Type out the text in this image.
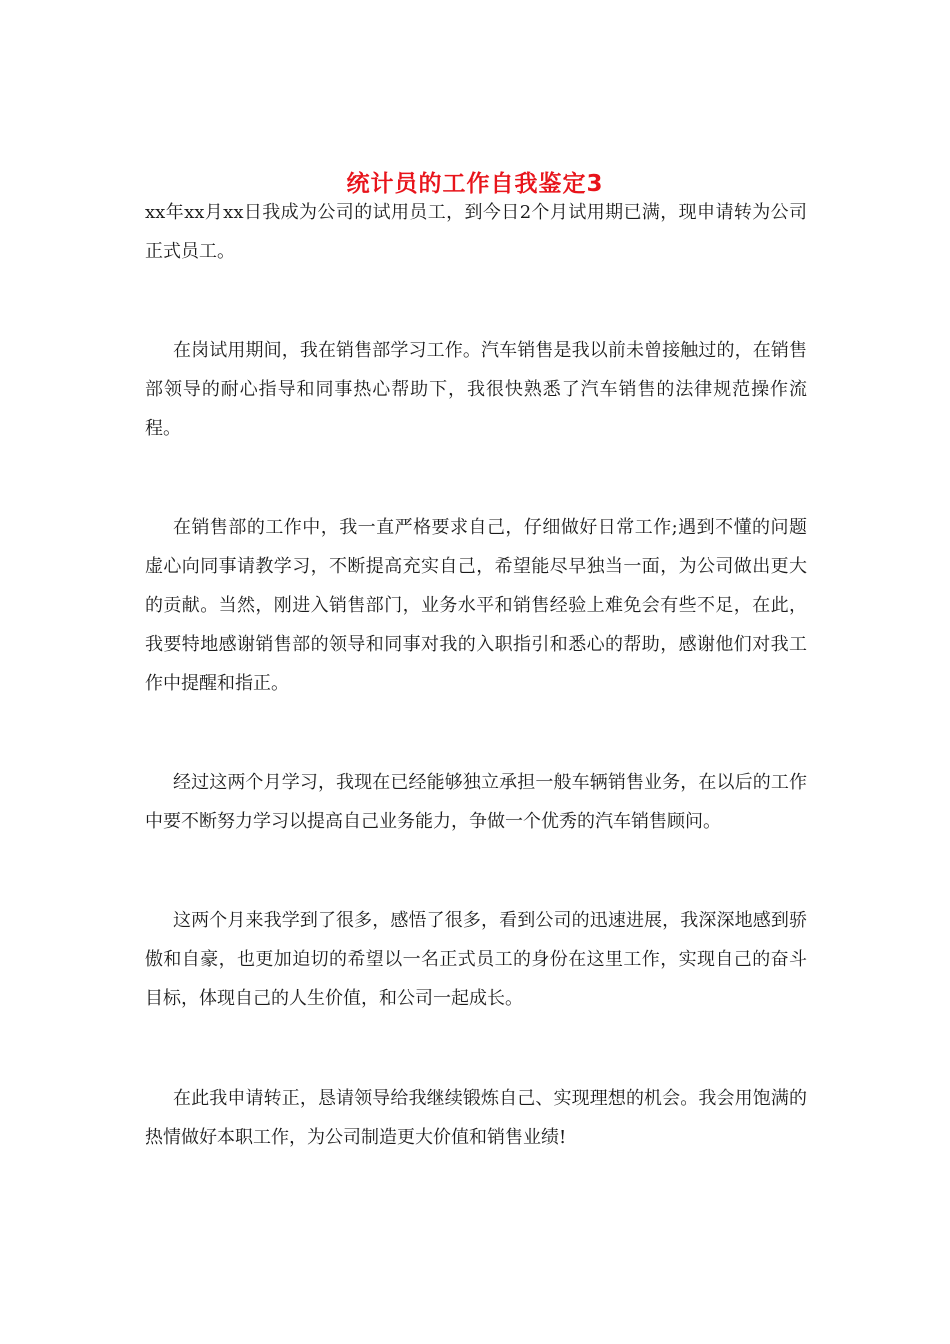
统计员的工作自我鉴定3

xx年xx月xx日我成为公司的试用员工，到今日2个月试用期已满，现申请转为公司正式员工。

在岗试用期间，我在销售部学习工作。汽车销售是我以前未曾接触过的，在销售部领导的耐心指导和同事热心帮助下，我很快熟悉了汽车销售的法律规范操作流程。

在销售部的工作中，我一直严格要求自己，仔细做好日常工作;遇到不懂的问题虚心向同事请教学习，不断提高充实自己，希望能尽早独当一面，为公司做出更大的贡献。当然，刚进入销售部门，业务水平和销售经验上难免会有些不足，在此，我要特地感谢销售部的领导和同事对我的入职指引和悉心的帮助，感谢他们对我工作中提醒和指正。

经过这两个月学习，我现在已经能够独立承担一般车辆销售业务，在以后的工作中要不断努力学习以提高自己业务能力，争做一个优秀的汽车销售顾问。

这两个月来我学到了很多，感悟了很多，看到公司的迅速进展，我深深地感到骄傲和自豪，也更加迫切的希望以一名正式员工的身份在这里工作，实现自己的奋斗目标，体现自己的人生价值，和公司一起成长。

在此我申请转正，恳请领导给我继续锻炼自己、实现理想的机会。我会用饱满的热情做好本职工作，为公司制造更大价值和销售业绩!
